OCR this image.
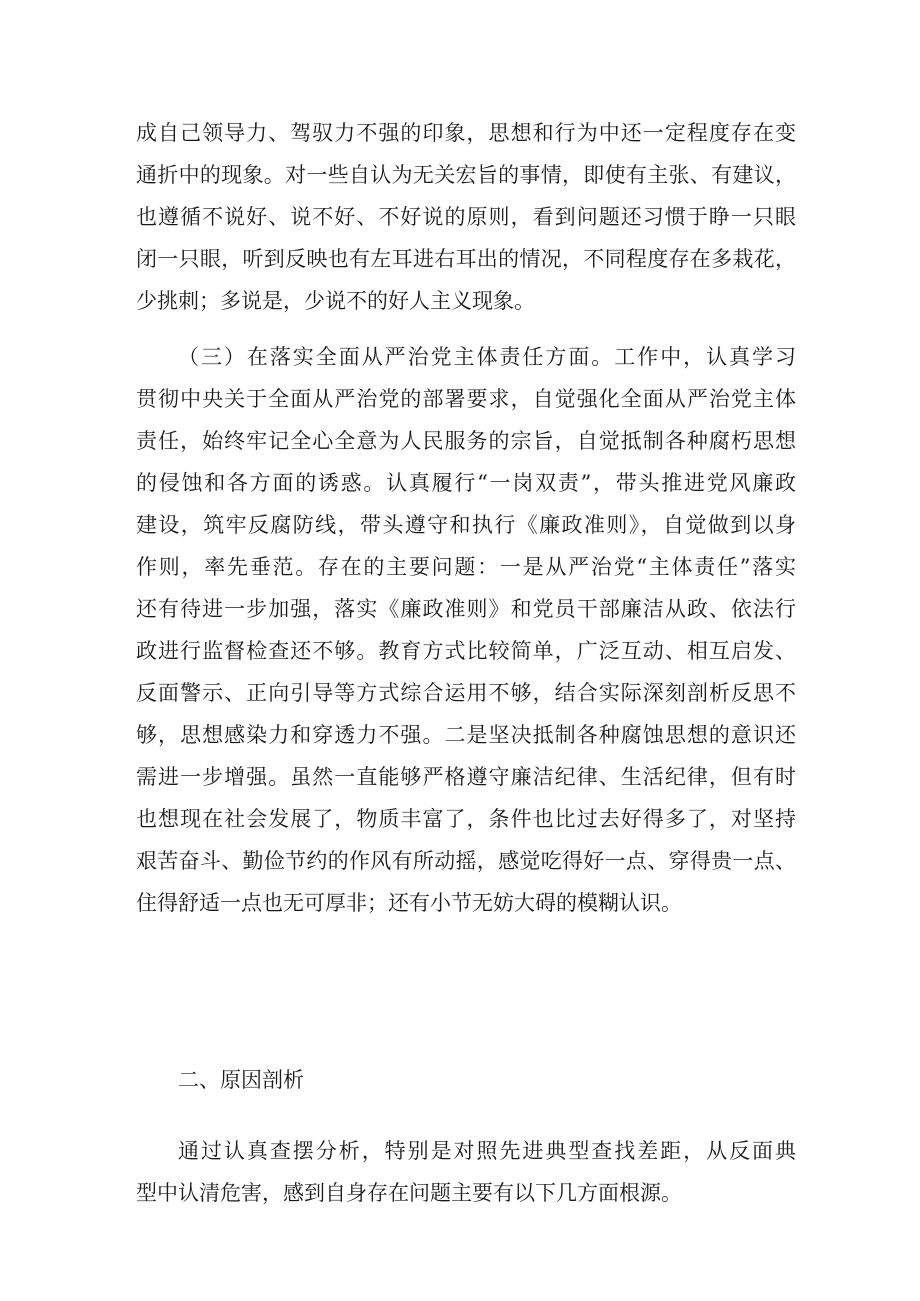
成自己领导力、驾驭力不强的印象，思想和行为中还一定程度存在变
通折中的现象。对一些自认为无关宏旨的事情，即使有主张、有建议，
也遵循不说好、说不好、不好说的原则，看到问题还习惯于睁一只眼
闭一只眼，听到反映也有左耳进右耳出的情况，不同程度存在多栽花，
少挑刺；多说是，少说不的好人主义现象。
（三）在落实全面从严治党主体责任方面。工作中，认真学习
贯彻中央关于全面从严治党的部署要求，自觉强化全面从严治党主体
责任，始终牢记全心全意为人民服务的宗旨，自觉抵制各种腐朽思想
的侵蚀和各方面的诱惑。认真履行“一岗双责”，带头推进党风廉政
建设，筑牢反腐防线，带头遵守和执行《廉政准则》，自觉做到以身
作则，率先垂范。存在的主要问题：一是从严治党“主体责任”落实
还有待进一步加强，落实《廉政准则》和党员干部廉洁从政、依法行
政进行监督检查还不够。教育方式比较简单，广泛互动、相互启发、
反面警示、正向引导等方式综合运用不够，结合实际深刻剖析反思不
够，思想感染力和穿透力不强。二是坚决抵制各种腐蚀思想的意识还
需进一步增强。虽然一直能够严格遵守廉洁纪律、生活纪律，但有时
也想现在社会发展了，物质丰富了，条件也比过去好得多了，对坚持
艰苦奋斗、勤俭节约的作风有所动摇，感觉吃得好一点、穿得贵一点、
住得舒适一点也无可厚非；还有小节无妨大碍的模糊认识。
二、原因剖析
通过认真查摆分析，特别是对照先进典型查找差距，从反面典
型中认清危害，感到自身存在问题主要有以下几方面根源。
